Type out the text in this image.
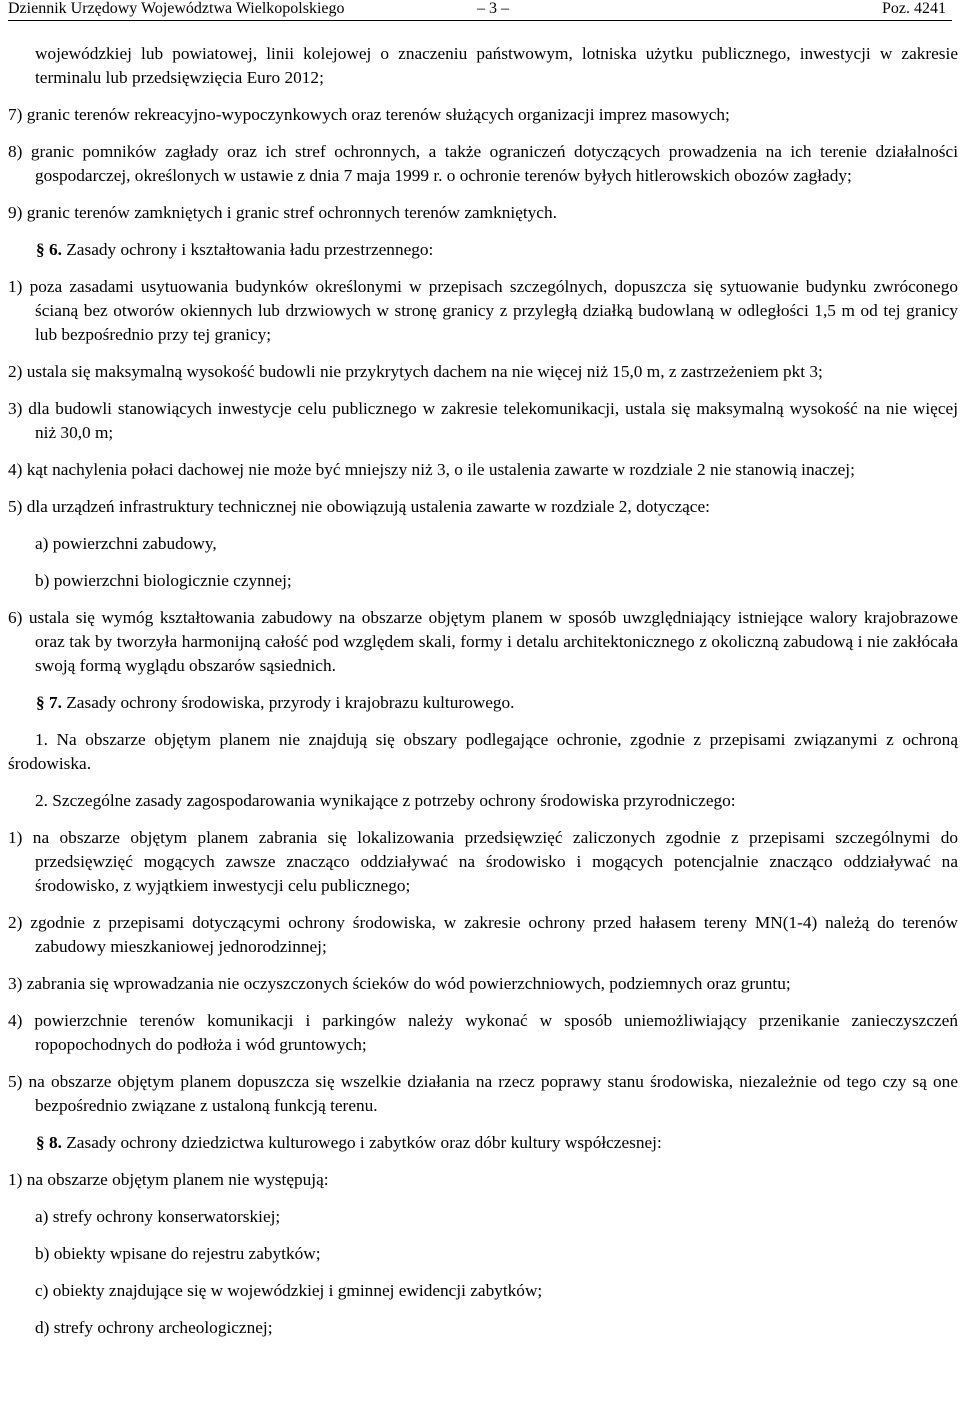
Dziennik Urzędowy Województwa Wielkopolskiego	– 3 –	Poz. 4241

wojewódzkiej lub powiatowej, linii kolejowej o znaczeniu państwowym, lotniska użytku publicznego, inwestycji w zakresie terminalu lub przedsięwzięcia Euro 2012;

7) granic terenów rekreacyjno-wypoczynkowych oraz terenów służących organizacji imprez masowych;

8) granic pomników zagłady oraz ich stref ochronnych, a także ograniczeń dotyczących prowadzenia na ich terenie działalności gospodarczej, określonych w ustawie z dnia 7 maja 1999 r. o ochronie terenów byłych hitlerowskich obozów zagłady;

9) granic terenów zamkniętych i granic stref ochronnych terenów zamkniętych.

§ 6. Zasady ochrony i kształtowania ładu przestrzennego:

1) poza zasadami usytuowania budynków określonymi w przepisach szczególnych, dopuszcza się sytuowanie budynku zwróconego ścianą bez otworów okiennych lub drzwiowych w stronę granicy z przyległą działką budowlaną w odległości 1,5 m od tej granicy lub bezpośrednio przy tej granicy;

2) ustala się maksymalną wysokość budowli nie przykrytych dachem na nie więcej niż 15,0 m, z zastrzeżeniem pkt 3;

3) dla budowli stanowiących inwestycje celu publicznego w zakresie telekomunikacji, ustala się maksymalną wysokość na nie więcej niż 30,0 m;

4) kąt nachylenia połaci dachowej nie może być mniejszy niż 3, o ile ustalenia zawarte w rozdziale 2 nie stanowią inaczej;

5) dla urządzeń infrastruktury technicznej nie obowiązują ustalenia zawarte w rozdziale 2, dotyczące:

a) powierzchni zabudowy,

b) powierzchni biologicznie czynnej;

6) ustala się wymóg kształtowania zabudowy na obszarze objętym planem w sposób uwzględniający istniejące walory krajobrazowe oraz tak by tworzyła harmonijną całość pod względem skali, formy i detalu architektonicznego z okoliczną zabudową i nie zakłócała swoją formą wyglądu obszarów sąsiednich.

§ 7. Zasady ochrony środowiska, przyrody i krajobrazu kulturowego.

1. Na obszarze objętym planem nie znajdują się obszary podlegające ochronie, zgodnie z przepisami związanymi z ochroną środowiska.

2. Szczególne zasady zagospodarowania wynikające z potrzeby ochrony środowiska przyrodniczego:

1) na obszarze objętym planem zabrania się lokalizowania przedsięwzięć zaliczonych zgodnie z przepisami szczególnymi do przedsięwzięć mogących zawsze znacząco oddziaływać na środowisko i mogących potencjalnie znacząco oddziaływać na środowisko, z wyjątkiem inwestycji celu publicznego;

2) zgodnie z przepisami dotyczącymi ochrony środowiska, w zakresie ochrony przed hałasem tereny MN(1-4) należą do terenów zabudowy mieszkaniowej jednorodzinnej;

3) zabrania się wprowadzania nie oczyszczonych ścieków do wód powierzchniowych, podziemnych oraz gruntu;

4) powierzchnie terenów komunikacji i parkingów należy wykonać w sposób uniemożliwiający przenikanie zanieczyszczeń ropopochodnych do podłoża i wód gruntowych;

5) na obszarze objętym planem dopuszcza się wszelkie działania na rzecz poprawy stanu środowiska, niezależnie od tego czy są one bezpośrednio związane z ustaloną funkcją terenu.

§ 8. Zasady ochrony dziedzictwa kulturowego i zabytków oraz dóbr kultury współczesnej:

1) na obszarze objętym planem nie występują:

a) strefy ochrony konserwatorskiej;

b) obiekty wpisane do rejestru zabytków;

c) obiekty znajdujące się w wojewódzkiej i gminnej ewidencji zabytków;

d) strefy ochrony archeologicznej;
